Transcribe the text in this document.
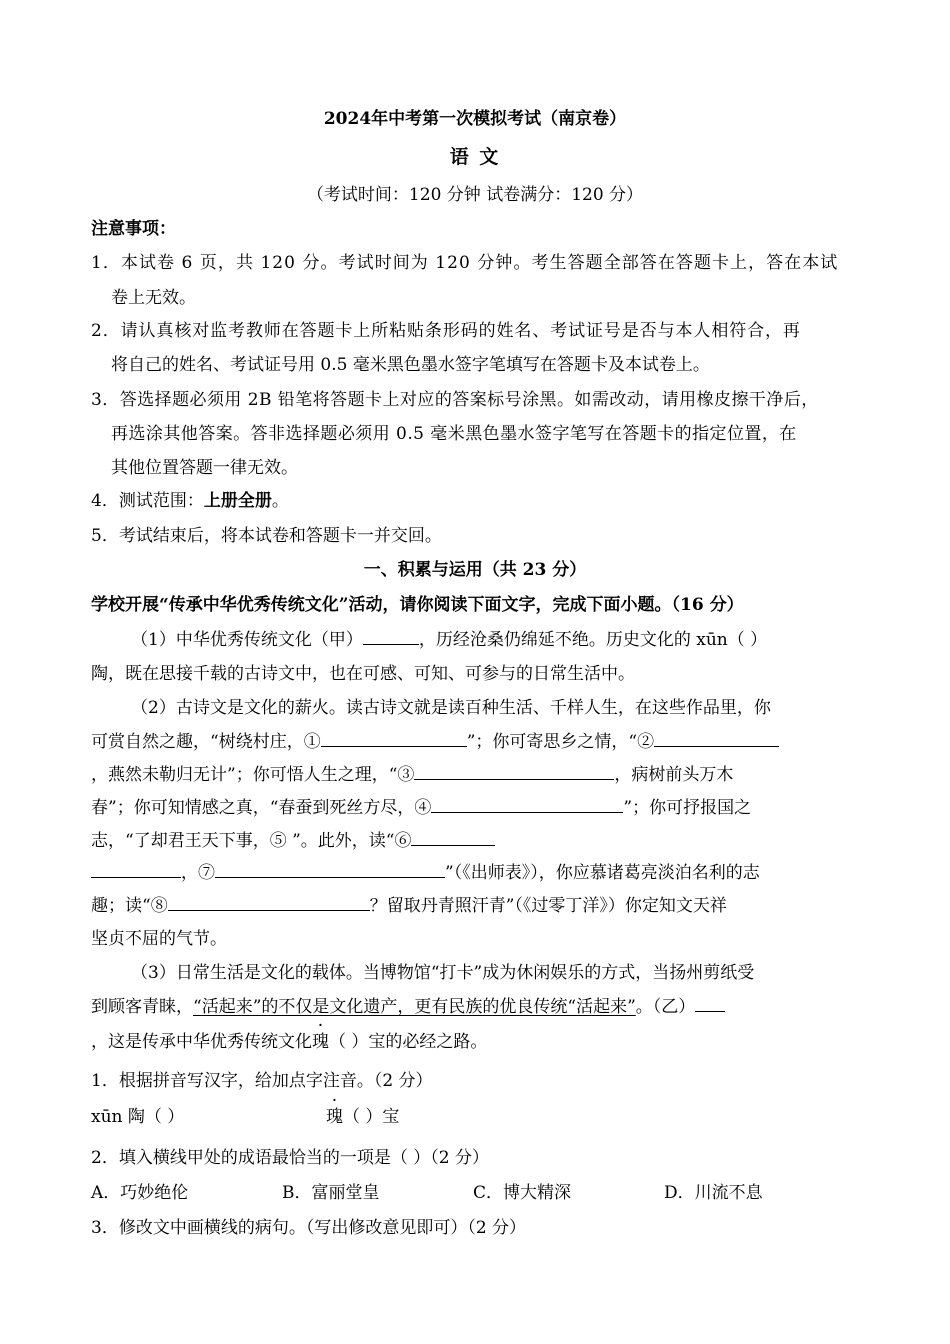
2024年中考第一次模拟考试（南京卷）
语 文
（考试时间：120 分钟 试卷满分：120 分）
注意事项：
1．本试卷 6 页，共 120 分。考试时间为 120 分钟。考生答题全部答在答题卡上，答在本试
卷上无效。
2．请认真核对监考教师在答题卡上所粘贴条形码的姓名、考试证号是否与本人相符合，再
将自己的姓名、考试证号用 0.5 毫米黑色墨水签字笔填写在答题卡及本试卷上。
3．答选择题必须用 2B 铅笔将答题卡上对应的答案标号涂黑。如需改动，请用橡皮擦干净后，
再选涂其他答案。答非选择题必须用 0.5 毫米黑色墨水签字笔写在答题卡的指定位置，在
其他位置答题一律无效。
4．测试范围：上册全册。
5．考试结束后，将本试卷和答题卡一并交回。
一、积累与运用（共 23 分）
学校开展“传承中华优秀传统文化”活动，请你阅读下面文字，完成下面小题。（16 分）
（1）中华优秀传统文化（甲）	，历经沧桑仍绵延不绝。历史文化的 xūn（ ）
陶，既在思接千载的古诗文中，也在可感、可知、可参与的日常生活中。
（2）古诗文是文化的薪火。读古诗文就是读百种生活、千样人生，在这些作品里，你
可赏自然之趣，“树绕村庄，①	”；你可寄思乡之情，“②
，燕然未勒归无计”；你可悟人生之理，“③	，病树前头万木
春”；你可知情感之真，“春蚕到死丝方尽，④	”；你可抒报国之
志，“了却君王天下事，⑤ ”。此外，读“⑥
，⑦	”（《出师表》），你应慕诸葛亮淡泊名利的志
趣；读“⑧	？留取丹青照汗青”（《过零丁洋》）你定知文天祥
坚贞不屈的气节。
（3）日常生活是文化的载体。当博物馆“打卡”成为休闲娱乐的方式，当扬州剪纸受
到顾客青睐，“活起来”的不仅是文化遗产，更有民族的优良传统“活起来”。（乙）
，这是传承中华优秀传统文化瑰（ ）宝的必经之路。
1．根据拼音写汉字，给加点字注音。（2 分）
xūn 陶（ ）	瑰（ ）宝
2．填入横线甲处的成语最恰当的一项是（ ）（2 分）
A．巧妙绝伦	B．富丽堂皇	C．博大精深	D．川流不息
3．修改文中画横线的病句。（写出修改意见即可）（2 分）
